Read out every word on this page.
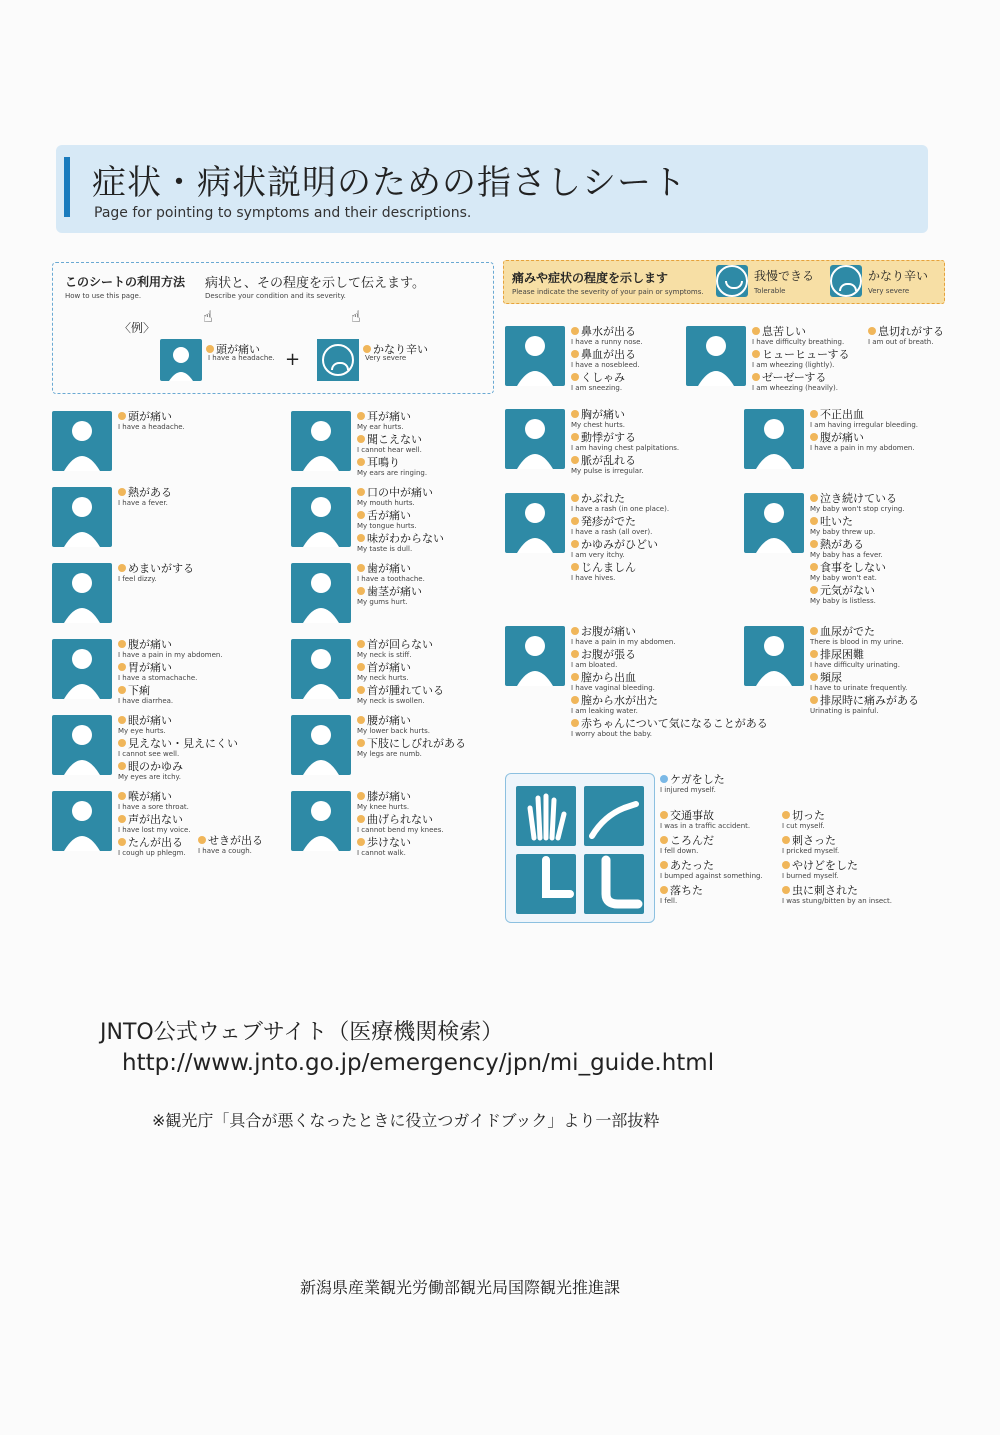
症状・病状説明のための指さしシート
Page for pointing to symptoms and their descriptions.
このシートの利用方法
How to use this page.
病状と、その程度を示して伝えます。
Describe your condition and its severity.
〈例〉
☝
頭が痛い
I have a headache. +
☝
かなり辛い
Very severe
痛みや症状の程度を示します
Please indicate the severity of your pain or symptoms.
我慢できる
Tolerable
かなり辛い
Very severe
頭が痛い
I have a headache.
熱がある
I have a fever.
めまいがする
I feel dizzy.
腹が痛い
I have a pain in my abdomen.
胃が痛い
I have a stomachache.
下痢
I have diarrhea.
眼が痛い
My eye hurts.
見えない・見えにくい
I cannot see well.
眼のかゆみ
My eyes are itchy.
喉が痛い
I have a sore throat.
声が出ない
I have lost my voice.
たんが出る
I cough up phlegm.
耳が痛い
My ear hurts.
聞こえない
I cannot hear well.
耳鳴り
My ears are ringing.
口の中が痛い
My mouth hurts.
舌が痛い
My tongue hurts.
味がわからない
My taste is dull.
歯が痛い
I have a toothache.
歯茎が痛い
My gums hurt.
首が回らない
My neck is stiff.
首が痛い
My neck hurts.
首が腫れている
My neck is swollen.
腰が痛い
My lower back hurts.
下肢にしびれがある
My legs are numb.
膝が痛い
My knee hurts.
曲げられない
I cannot bend my knees.
歩けない
I cannot walk.
鼻水が出る
I have a runny nose.
鼻血が出る
I have a nosebleed.
くしゃみ
I am sneezing.
胸が痛い
My chest hurts.
動悸がする
I am having chest palpitations.
脈が乱れる
My pulse is irregular.
かぶれた
I have a rash (in one place).
発疹がでた
I have a rash (all over).
かゆみがひどい
I am very itchy.
じんましん
I have hives.
お腹が痛い
I have a pain in my abdomen.
お腹が張る
I am bloated.
膣から出血
I have vaginal bleeding.
膣から水が出た
I am leaking water.
赤ちゃんについて気になることがある
I worry about the baby.
息苦しい
I have difficulty breathing.
ヒューヒューする
I am wheezing (lightly).
ゼーゼーする
I am wheezing (heavily).
不正出血
I am having irregular bleeding.
腹が痛い
I have a pain in my abdomen.
泣き続けている
My baby won't stop crying.
吐いた
My baby threw up.
熱がある
My baby has a fever.
食事をしない
My baby won't eat.
元気がない
My baby is listless.
血尿がでた
There is blood in my urine.
排尿困難
I have difficulty urinating.
頻尿
I have to urinate frequently.
排尿時に痛みがある
Urinating is painful.
せきが出る
I have a cough.
息切れがする
I am out of breath.
ケガをした
I injured myself.
交通事故
I was in a traffic accident.
ころんだ
I fell down.
あたった
I bumped against something.
落ちた
I fell.
切った
I cut myself.
刺さった
I pricked myself.
やけどをした
I burned myself.
虫に刺された
I was stung/bitten by an insect.
JNTO公式ウェブサイト（医療機関検索）
http://www.jnto.go.jp/emergency/jpn/mi_guide.html
※観光庁「具合が悪くなったときに役立つガイドブック」より一部抜粋
新潟県産業観光労働部観光局国際観光推進課
